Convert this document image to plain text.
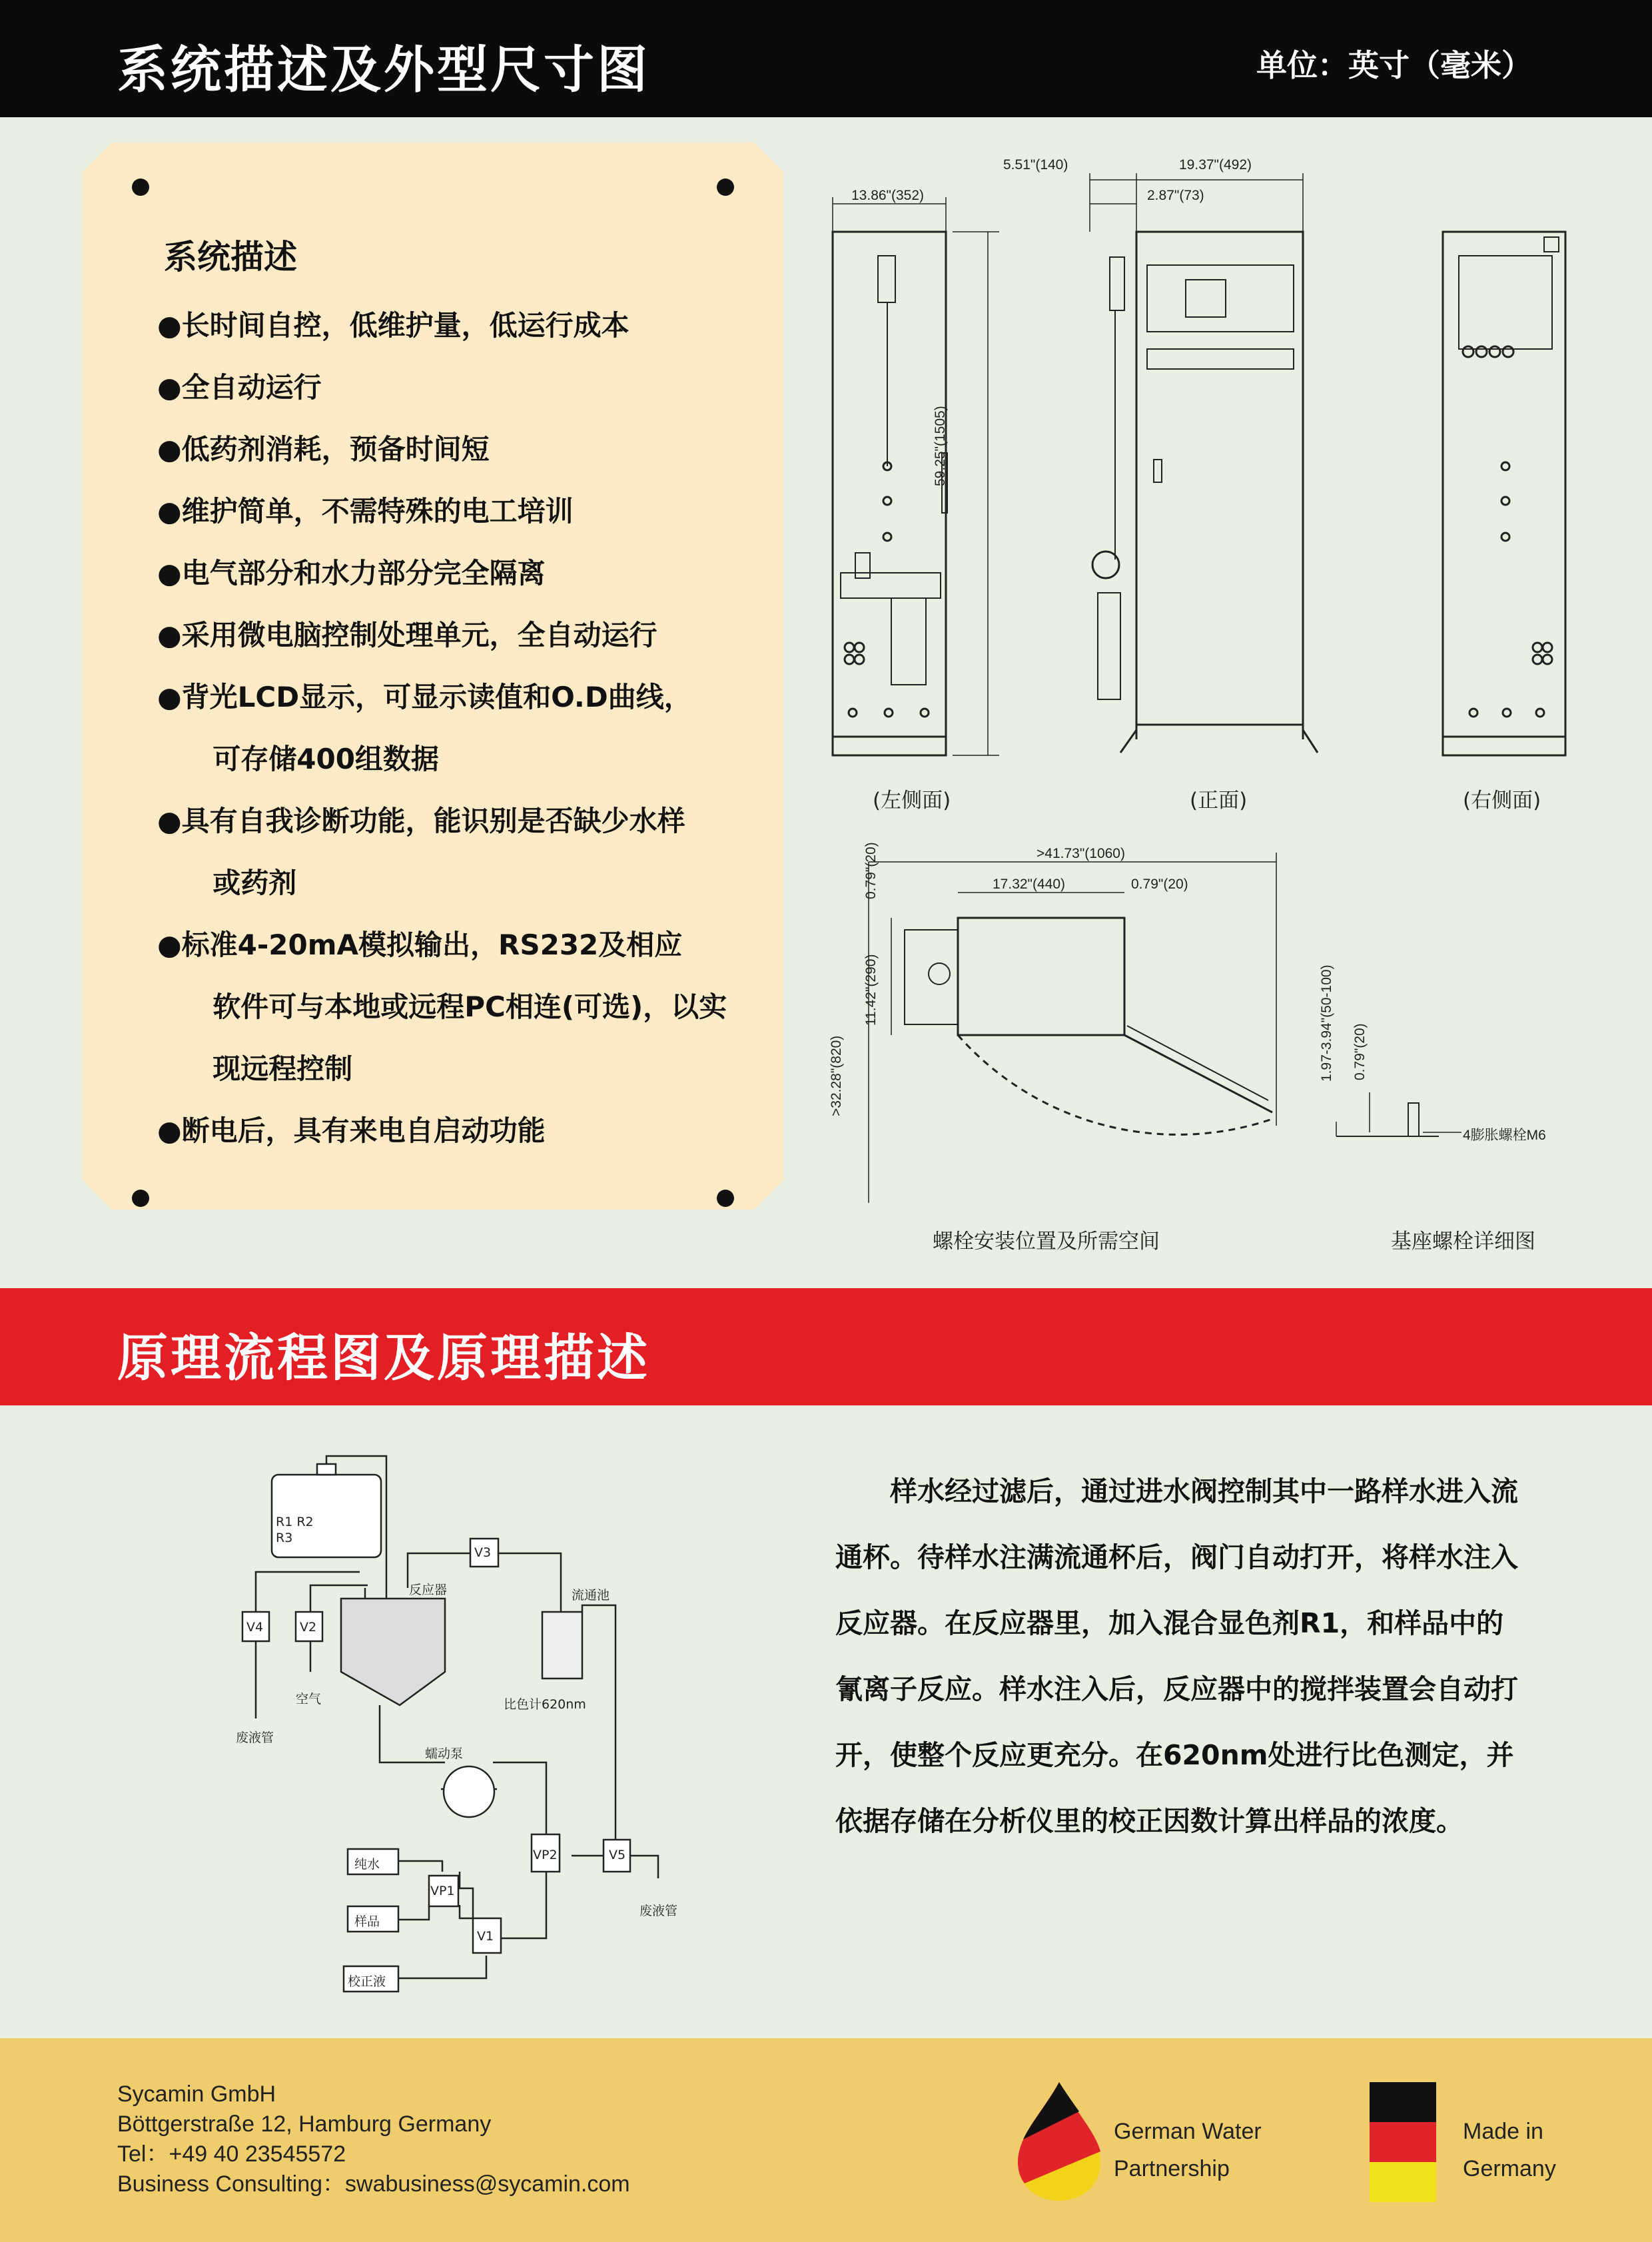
系统描述及外型尺寸图	单位：英寸（毫米）
系统描述

●长时间自控，低维护量，低运行成本

●全自动运行

●低药剂消耗，预备时间短

●维护简单，不需特殊的电工培训

●电气部分和水力部分完全隔离

●采用微电脑控制处理单元，全自动运行

●背光LCD显示，可显示读值和O.D曲线，

可存储400组数据

●具有自我诊断功能，能识别是否缺少水样

或药剂

●标准4-20mA模拟输出，RS232及相应

软件可与本地或远程PC相连(可选)，以实

现远程控制

●断电后，具有来电自启动功能

13.86"(352)
5.51"(140)	19.37"(492)
2.87"(73)
59.25"(1505)
>41.73"(1060)
17.32"(440)	0.79"(20)
0.79"(20)
11.42"(290)
>32.28"(820)	1.97-3.94"(50-100) 0.79"(20)
4膨胀螺栓M6
(左侧面)	(正面)	(右侧面)
螺栓安装位置及所需空间	基座螺栓详细图
原理流程图及原理描述
R1 R2
R3
V3
反应器	流通池
V4	V2
空气
废液管
比色计620nm
蠕动泵
VP2	V5
纯水
VP1
样品
V1
校正液
废液管

样水经过滤后，通过进水阀控制其中一路样水进入流通杯。待样水注满流通杯后，阀门自动打开，将样水注入反应器。在反应器里，加入混合显色剂R1，和样品中的氰离子反应。样水注入后，反应器中的搅拌装置会自动打开，使整个反应更充分。在620nm处进行比色测定，并依据存储在分析仪里的校正因数计算出样品的浓度。

Sycamin GmbH
Böttgerstraße 12, Hamburg Germany
Tel：+49 40 23545572
Business Consulting：swabusiness@sycamin.com
German Water
Partnership
Made in
Germany
